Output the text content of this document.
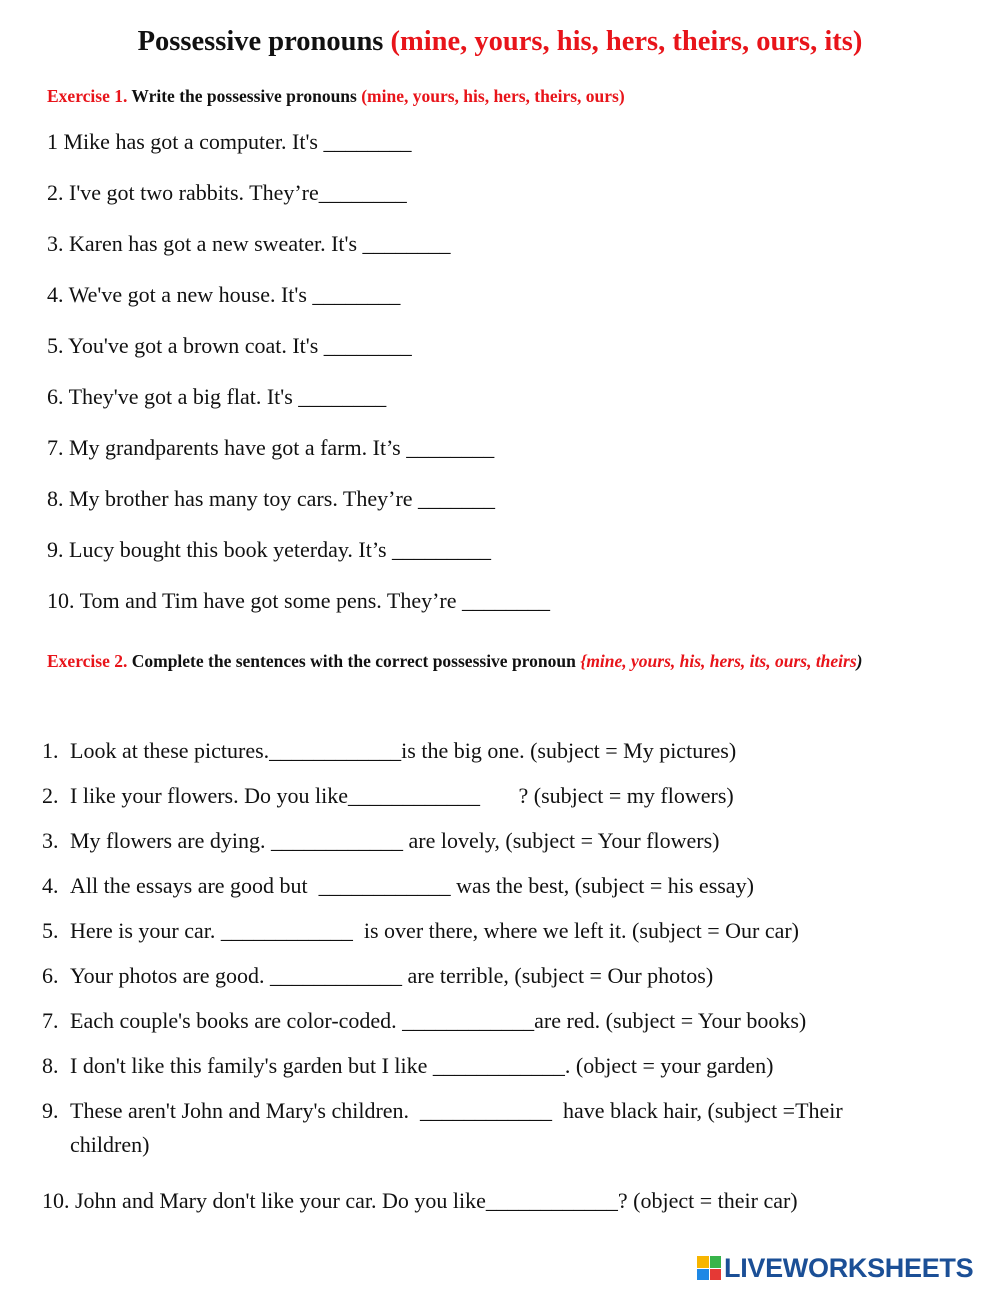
Possessive pronouns (mine, yours, his, hers, theirs, ours, its)

Exercise 1. Write the possessive pronouns (mine, yours, his, hers, theirs, ours)

1 Mike has got a computer. It's ________
2. I've got two rabbits. They’re________
3. Karen has got a new sweater. It's ________
4. We've got a new house. It's ________
5. You've got a brown coat. It's ________
6. They've got a big flat. It's ________
7. My grandparents have got a farm. It’s ________
8. My brother has many toy cars. They’re _______
9. Lucy bought this book yeterday. It’s _________
10. Tom and Tim have got some pens. They’re ________

Exercise 2. Complete the sentences with the correct possessive pronoun {mine, yours, his, hers, its, ours, theirs)

1. Look at these pictures.____________is the big one. (subject = My pictures)
2. I like your flowers. Do you like____________       ? (subject = my flowers)
3. My flowers are dying. ____________ are lovely, (subject = Your flowers)
4. All the essays are good but  ____________ was the best, (subject = his essay)
5. Here is your car. ____________  is over there, where we left it. (subject = Our car)
6. Your photos are good. ____________ are terrible, (subject = Our photos)
7. Each couple's books are color-coded. ____________are red. (subject = Your books)
8. I don't like this family's garden but I like ____________. (object = your garden)
9. These aren't John and Mary's children.  ____________  have black hair, (subject =Their children)
10. John and Mary don't like your car. Do you like____________? (object = their car)
LIVEWORKSHEETS
